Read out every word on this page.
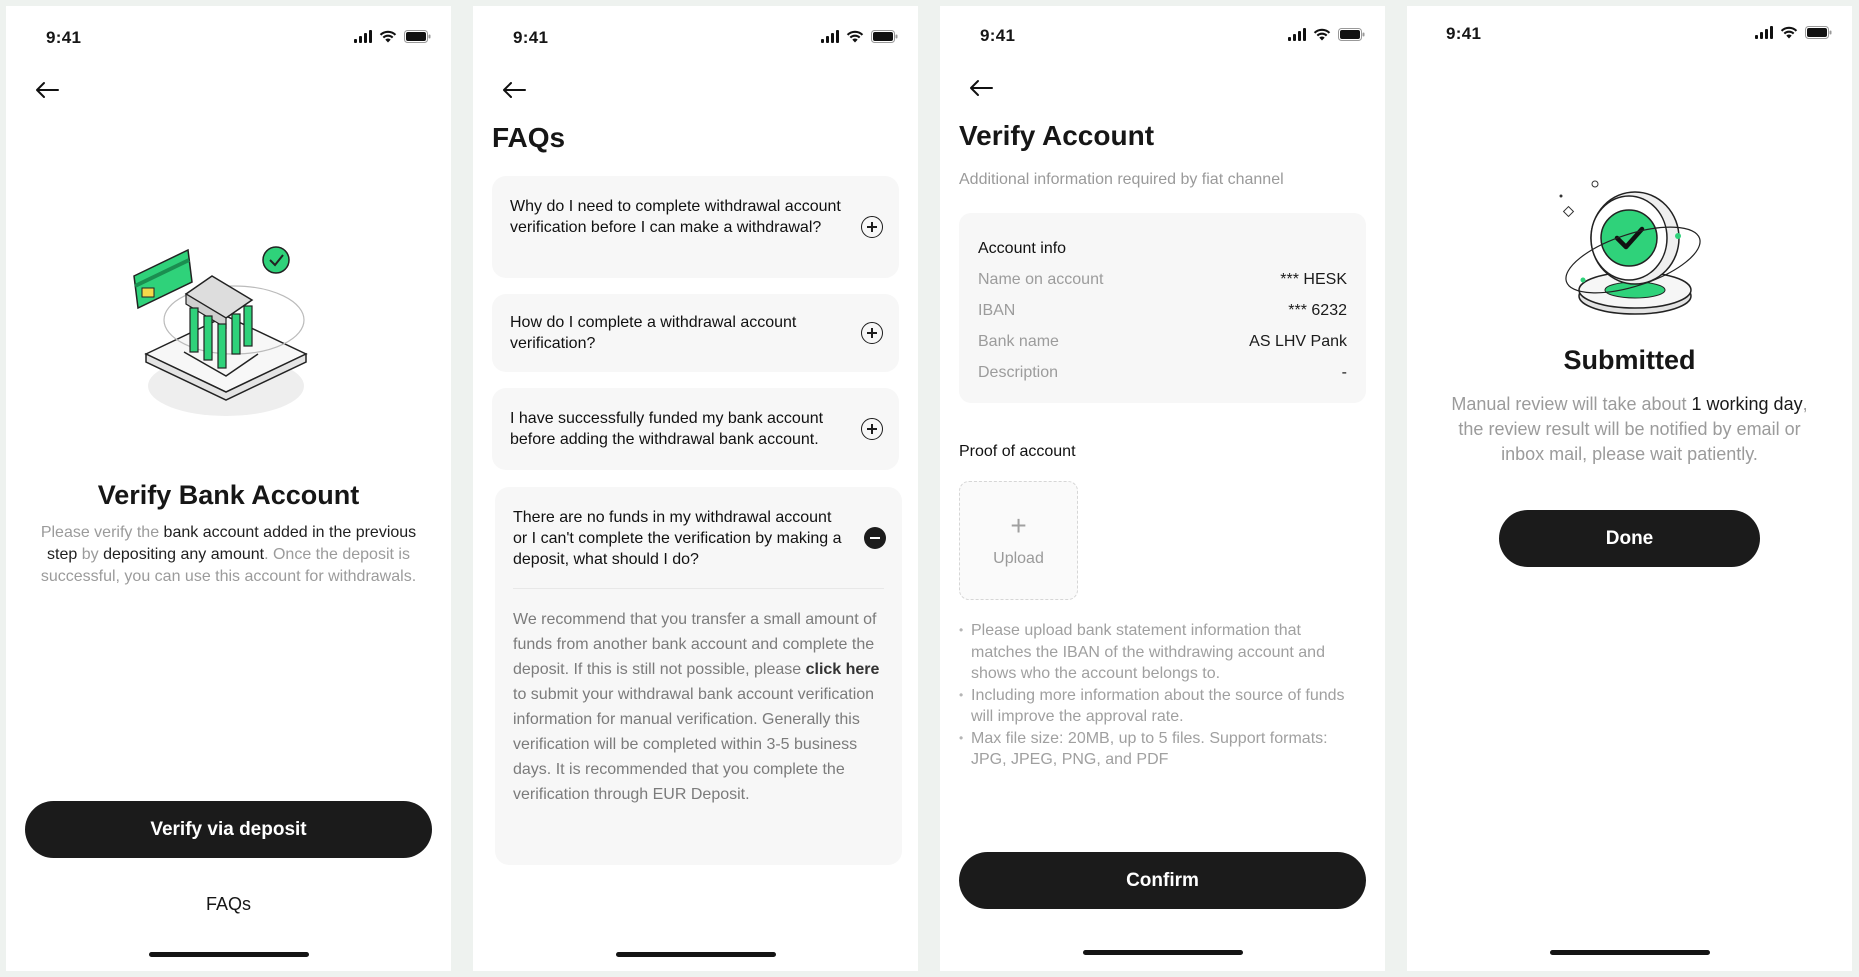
9:41
Verify Bank Account
Please verify the bank account added in the previous step by depositing any amount. Once the deposit is successful, you can use this account for withdrawals.
Verify via deposit
FAQs
9:41
FAQs
Why do I need to complete withdrawal account verification before I can make a withdrawal?
How do I complete a withdrawal account verification?
I have successfully funded my bank account before adding the withdrawal bank account.
There are no funds in my withdrawal account or I can't complete the verification by making a deposit, what should I do?
We recommend that you transfer a small amount of funds from another bank account and complete the deposit. If this is still not possible, please click here to submit your withdrawal bank account verification information for manual verification. Generally this verification will be completed within 3-5 business days. It is recommended that you complete the verification through EUR Deposit.
9:41
Verify Account
Additional information required by fiat channel
Account info
Name on account	*** HESK
IBAN	*** 6232
Bank name	AS LHV Pank
Description	-
Proof of account
+
Upload
• Please upload bank statement information that matches the IBAN of the withdrawing account and shows who the account belongs to.
• Including more information about the source of funds will improve the approval rate.
• Max file size: 20MB, up to 5 files. Support formats: JPG, JPEG, PNG, and PDF
Confirm
9:41
Submitted
Manual review will take about 1 working day, the review result will be notified by email or inbox mail, please wait patiently.
Done
